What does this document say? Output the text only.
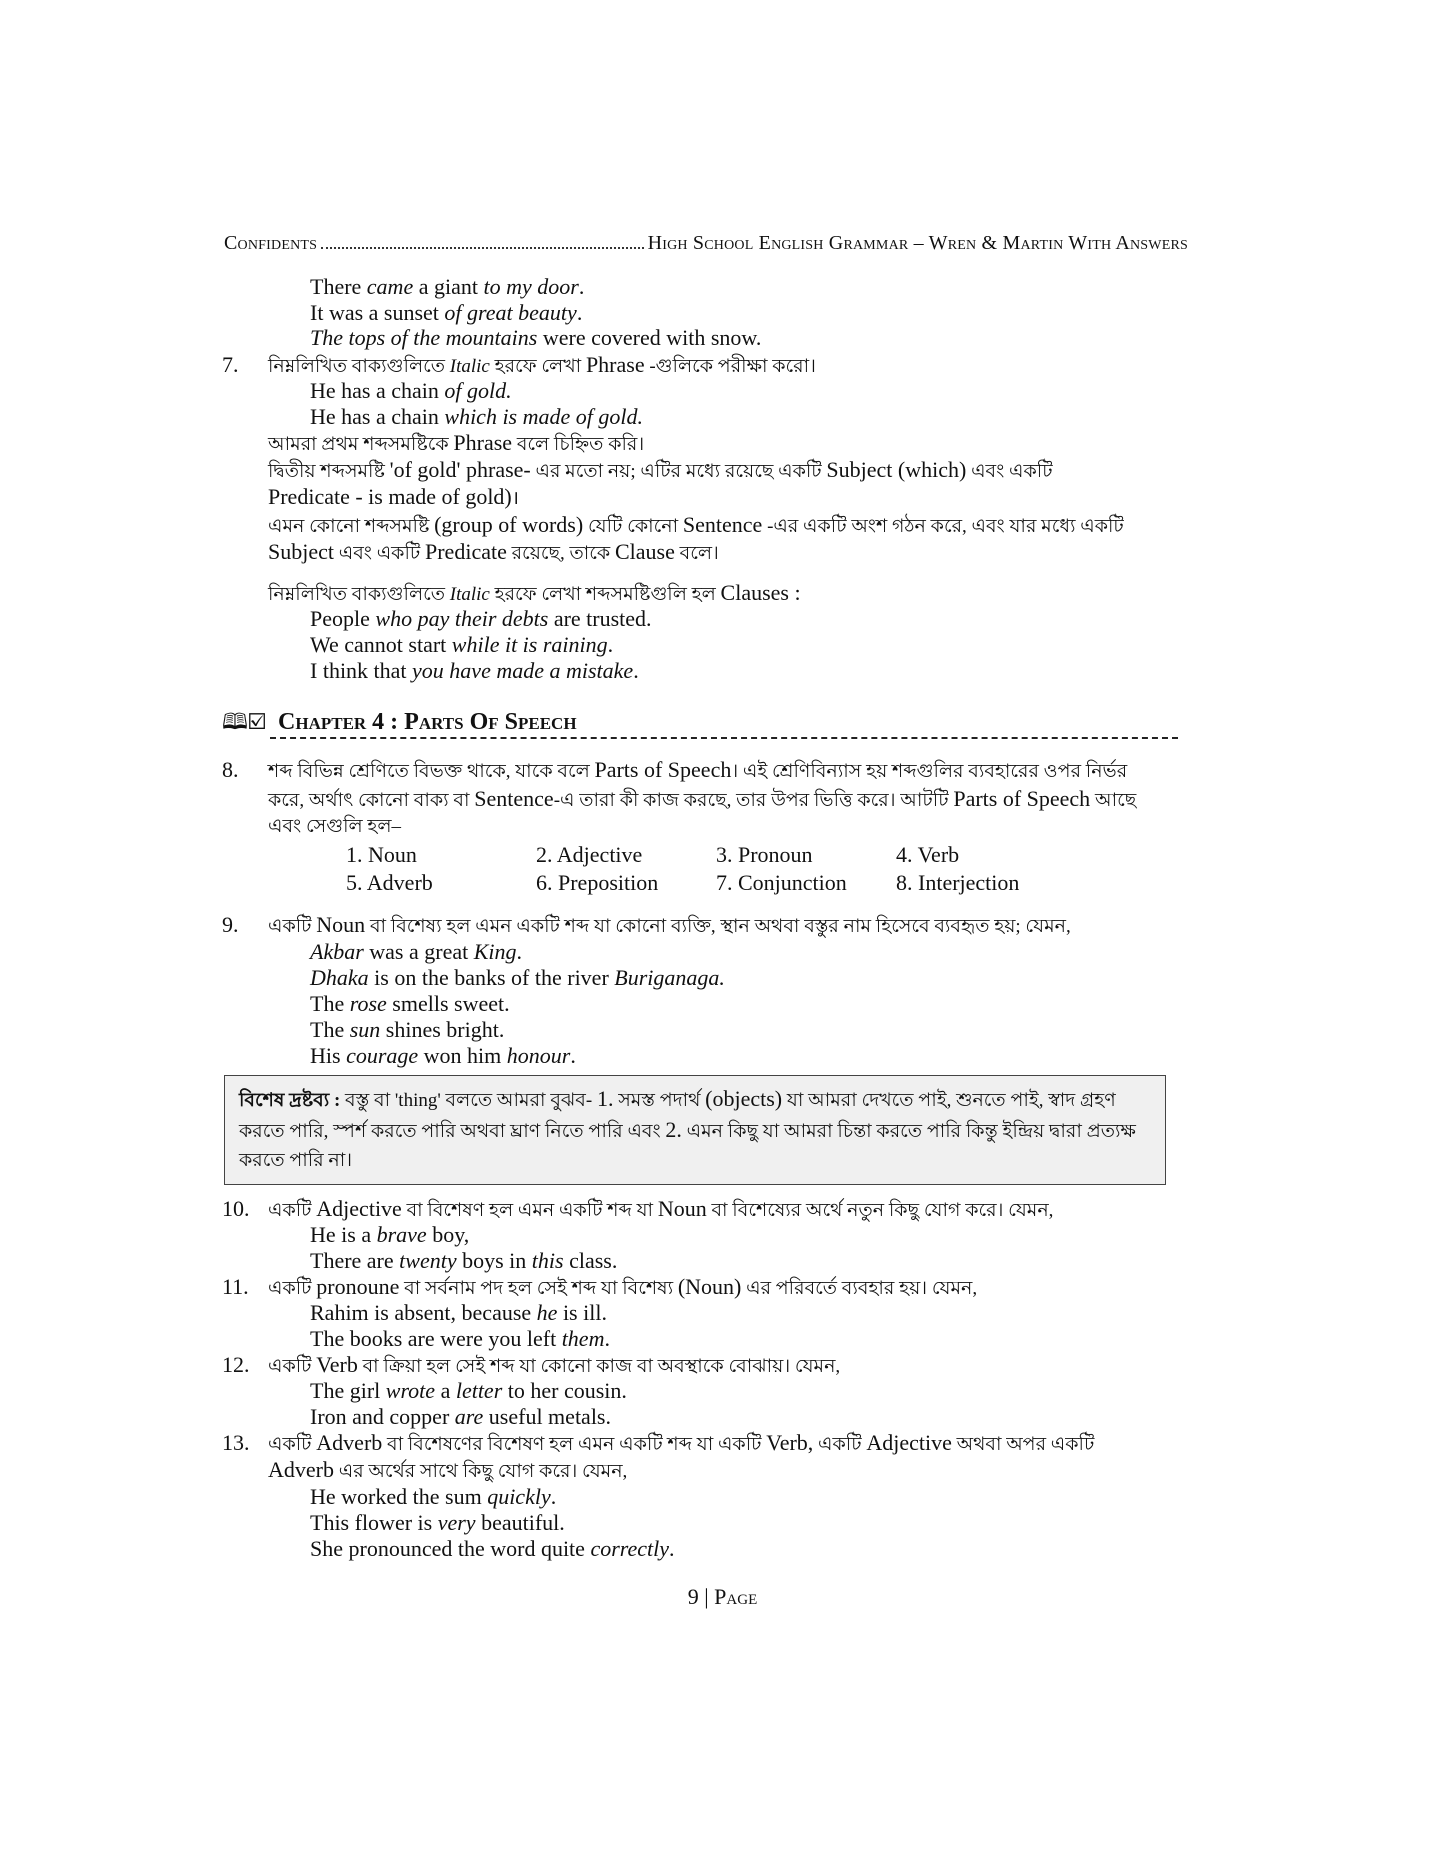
Confidents	High School English Grammar – Wren & Martin With Answers
There came a giant to my door.
It was a sunset of great beauty.
The tops of the mountains were covered with snow.
7. নিম্নলিখিত বাক্যগুলিতে Italic হরফে লেখা Phrase -গুলিকে পরীক্ষা করো।
He has a chain of gold.
He has a chain which is made of gold.
আমরা প্রথম শব্দসমষ্টিকে Phrase বলে চিহ্নিত করি।
দ্বিতীয় শব্দসমষ্টি 'of gold' phrase- এর মতো নয়; এটির মধ্যে রয়েছে একটি Subject (which) এবং একটি
Predicate - is made of gold)।
এমন কোনো শব্দসমষ্টি (group of words) যেটি কোনো Sentence -এর একটি অংশ গঠন করে, এবং যার মধ্যে একটি
Subject এবং একটি Predicate রয়েছে, তাকে Clause বলে।
নিম্নলিখিত বাক্যগুলিতে Italic হরফে লেখা শব্দসমষ্টিগুলি হল Clauses :
People who pay their debts are trusted.
We cannot start while it is raining.
I think that you have made a mistake.
🕮☑ Chapter 4 : Parts Of Speech
8. শব্দ বিভিন্ন শ্রেণিতে বিভক্ত থাকে, যাকে বলে Parts of Speech। এই শ্রেণিবিন্যাস হয় শব্দগুলির ব্যবহারের ওপর নির্ভর
করে, অর্থাৎ কোনো বাক্য বা Sentence-এ তারা কী কাজ করছে, তার উপর ভিত্তি করে। আটটি Parts of Speech আছে
এবং সেগুলি হল–
1. Noun	2. Adjective	3. Pronoun	4. Verb
5. Adverb	6. Preposition	7. Conjunction	8. Interjection
9. একটি Noun বা বিশেষ্য হল এমন একটি শব্দ যা কোনো ব্যক্তি, স্থান অথবা বস্তুর নাম হিসেবে ব্যবহৃত হয়; যেমন,
Akbar was a great King.
Dhaka is on the banks of the river Buriganaga.
The rose smells sweet.
The sun shines bright.
His courage won him honour.
বিশেষ দ্রষ্টব্য : বস্তু বা 'thing' বলতে আমরা বুঝব- 1. সমস্ত পদার্থ (objects) যা আমরা দেখতে পাই, শুনতে পাই, স্বাদ গ্রহণ
করতে পারি, স্পর্শ করতে পারি অথবা ঘ্রাণ নিতে পারি এবং 2. এমন কিছু যা আমরা চিন্তা করতে পারি কিন্তু ইন্দ্রিয় দ্বারা প্রত্যক্ষ
করতে পারি না।
10. একটি Adjective বা বিশেষণ হল এমন একটি শব্দ যা Noun বা বিশেষ্যের অর্থে নতুন কিছু যোগ করে। যেমন,
He is a brave boy,
There are twenty boys in this class.
11. একটি pronoune বা সর্বনাম পদ হল সেই শব্দ যা বিশেষ্য (Noun) এর পরিবর্তে ব্যবহার হয়। যেমন,
Rahim is absent, because he is ill.
The books are were you left them.
12. একটি Verb বা ক্রিয়া হল সেই শব্দ যা কোনো কাজ বা অবস্থাকে বোঝায়। যেমন,
The girl wrote a letter to her cousin.
Iron and copper are useful metals.
13. একটি Adverb বা বিশেষণের বিশেষণ হল এমন একটি শব্দ যা একটি Verb, একটি Adjective অথবা অপর একটি
Adverb এর অর্থের সাথে কিছু যোগ করে। যেমন,
He worked the sum quickly.
This flower is very beautiful.
She pronounced the word quite correctly.
9 | Page
